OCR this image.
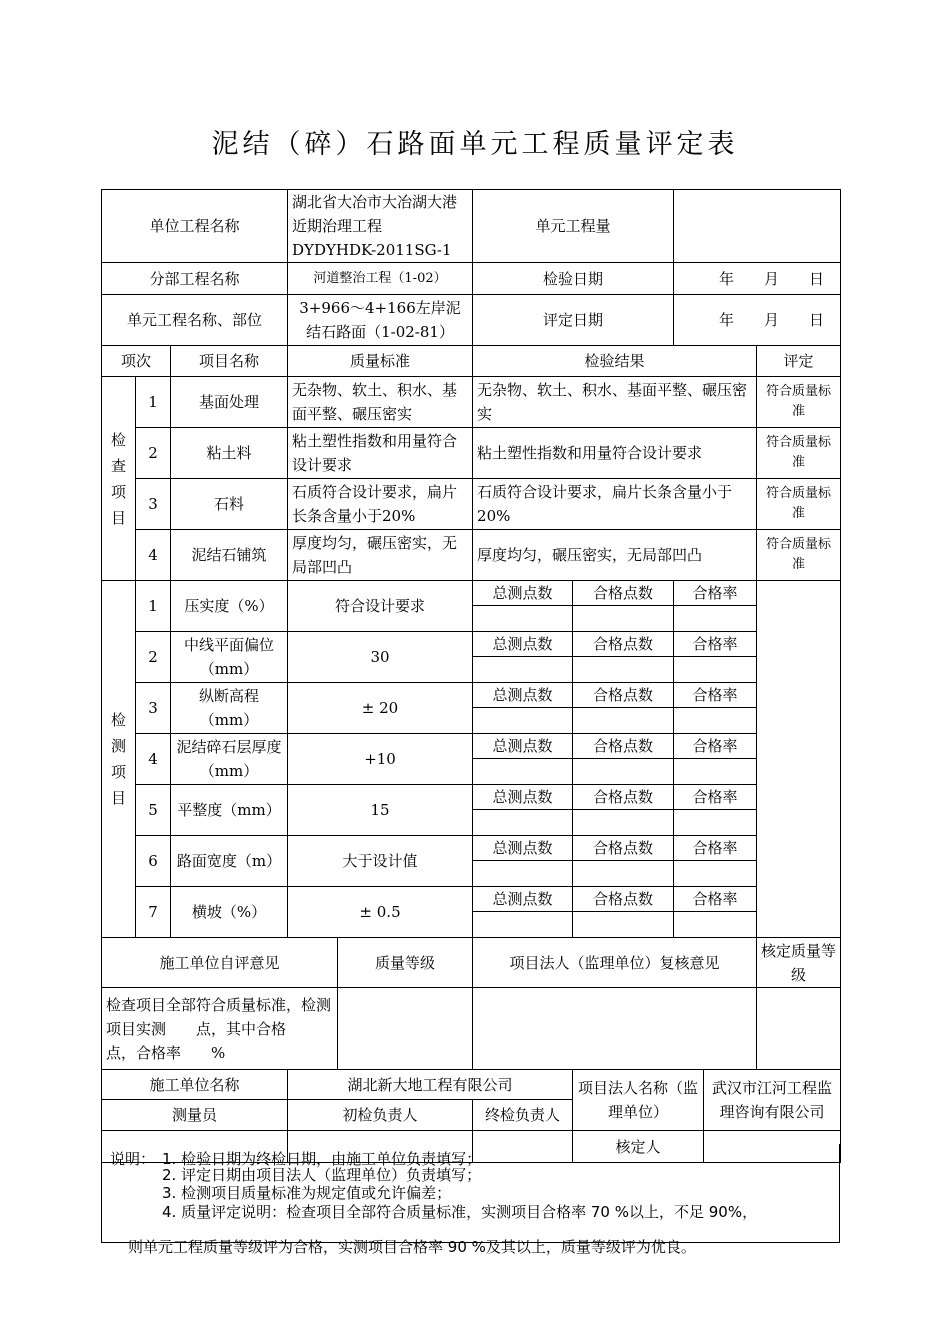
泥结（碎）石路面单元工程质量评定表
单位工程名称			湖北省大冶市大冶湖大港近期治理工程　DYDYHDK-2011SG-1		单元工程量				
分部工程名称			河道整治工程（1-02）		检验日期		年　　月　　日		
单元工程名称、部位			3+966～4+166左岸泥结石路面（1-02-81）		评定日期		年　　月　　日		
项次		项目名称	质量标准		检验结果				评定

检查项目	1	基面处理	无杂物、软土、积水、基面平整、碾压密实		无杂物、软土、积水、基面平整、碾压密实				符合质量标准
	2	粘土料	粘土塑性指数和用量符合设计要求		粘土塑性指数和用量符合设计要求				符合质量标准
	3	石料	石质符合设计要求，扁片长条含量小于20%		石质符合设计要求，扁片长条含量小于20%				符合质量标准
	4	泥结石铺筑	厚度均匀，碾压密实，无局部凹凸		厚度均匀，碾压密实，无局部凹凸				符合质量标准

检测项目	1	压实度（%）	符合设计要求		总测点数	合格点数	合格率		

	2	中线平面偏位（mm）	30		总测点数	合格点数	合格率		

	3	纵断高程（mm）	± 20		总测点数	合格点数	合格率		

	4	泥结碎石层厚度（mm）	+10		总测点数	合格点数	合格率		

	5	平整度（mm）	15		总测点数	合格点数	合格率		

	6	路面宽度（m）	大于设计值		总测点数	合格点数	合格率		

	7	横坡（%）	± 0.5		总测点数	合格点数	合格率		

施工单位自评意见				质量等级	项目法人（监理单位）复核意见				核定质量等级
检查项目全部符合质量标准，检测项目实测　　点，其中合格　　点，合格率　　%									
施工单位名称			湖北新大地工程有限公司			项目法人名称（监理单位）		武汉市江河工程监理咨询有限公司	
测量员			初检负责人		终检负责人				
						核定人			
说明： 1. 检验日期为终检日期，由施工单位负责填写；
2. 评定日期由项目法人（监理单位）负责填写；
3. 检测项目质量标准为规定值或允许偏差；
4. 质量评定说明：检查项目全部符合质量标准，实测项目合格率 70 %以上，不足 90%，
则单元工程质量等级评为合格，实测项目合格率 90 %及其以上，质量等级评为优良。
